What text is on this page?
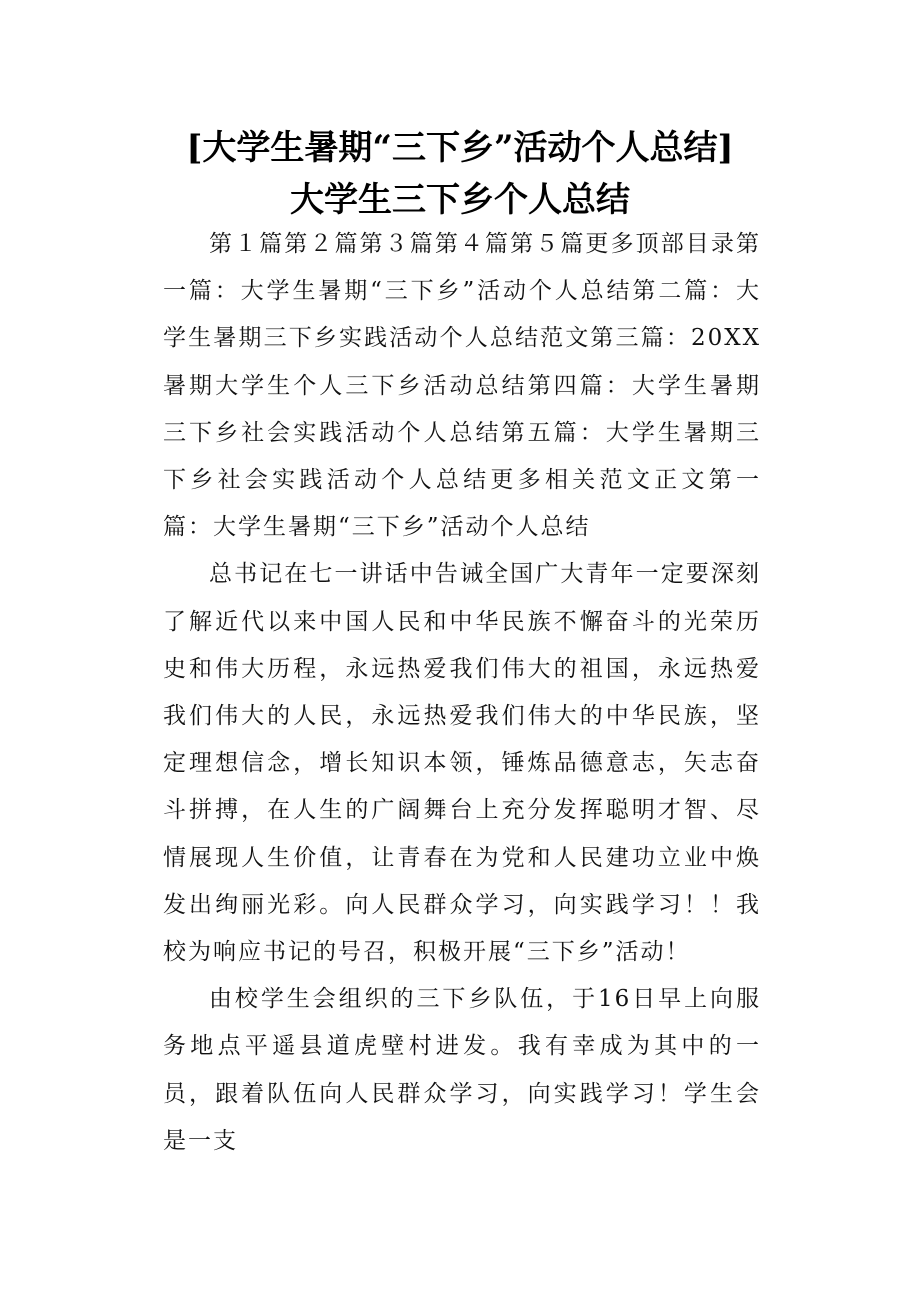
[大学生暑期“三下乡”活动个人总结]
大学生三下乡个人总结

第１篇第２篇第３篇第４篇第５篇更多顶部目录第一篇：大学生暑期“三下乡”活动个人总结第二篇：大学生暑期三下乡实践活动个人总结范文第三篇：20XX暑期大学生个人三下乡活动总结第四篇：大学生暑期三下乡社会实践活动个人总结第五篇：大学生暑期三下乡社会实践活动个人总结更多相关范文正文第一篇：大学生暑期“三下乡”活动个人总结

总书记在七一讲话中告诫全国广大青年一定要深刻了解近代以来中国人民和中华民族不懈奋斗的光荣历史和伟大历程，永远热爱我们伟大的祖国，永远热爱我们伟大的人民，永远热爱我们伟大的中华民族，坚定理想信念，增长知识本领，锤炼品德意志，矢志奋斗拼搏，在人生的广阔舞台上充分发挥聪明才智、尽情展现人生价值，让青春在为党和人民建功立业中焕发出绚丽光彩。向人民群众学习，向实践学习！！我校为响应书记的号召，积极开展“三下乡”活动！

由校学生会组织的三下乡队伍，于16日早上向服务地点平遥县道虎壁村进发。我有幸成为其中的一员，跟着队伍向人民群众学习，向实践学习！学生会是一支
